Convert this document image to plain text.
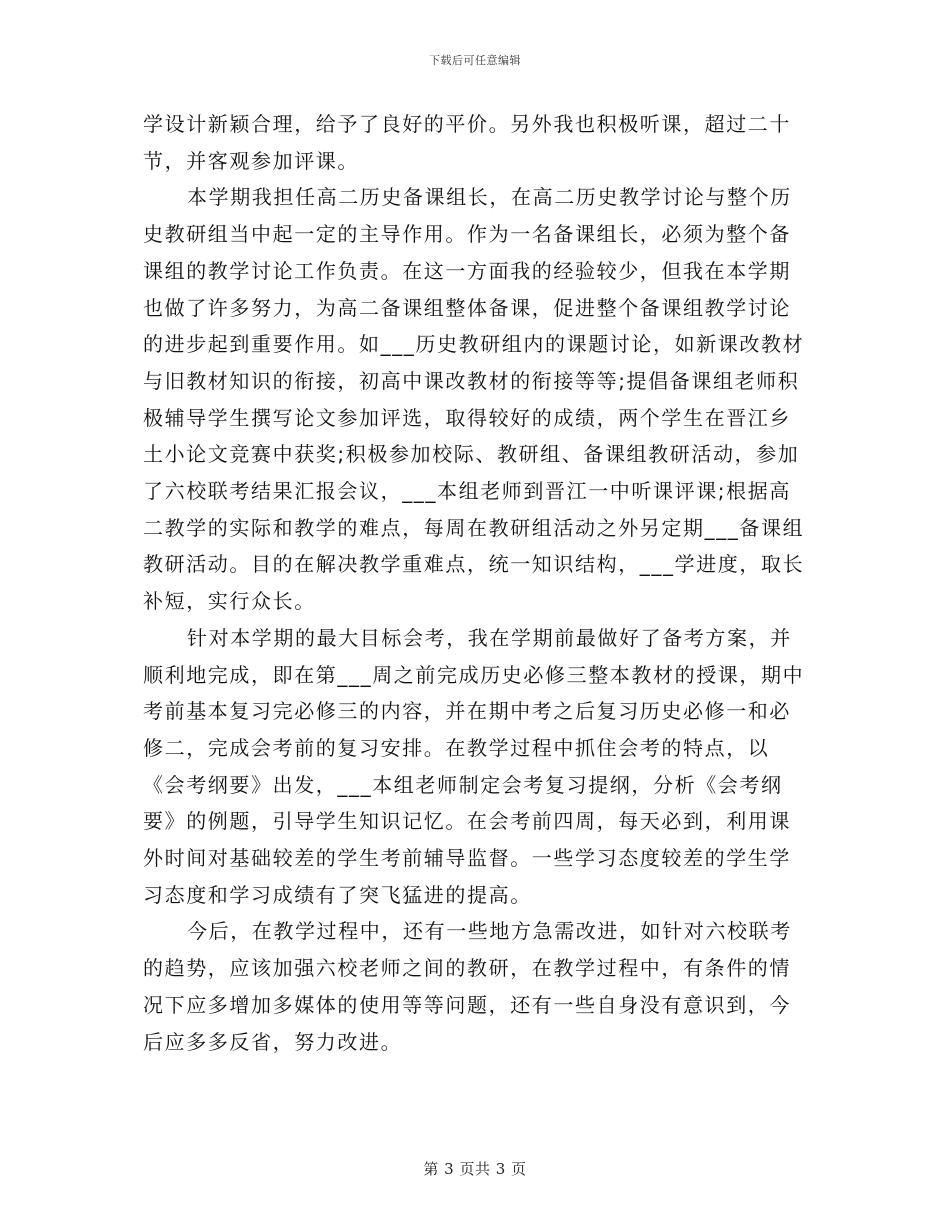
下载后可任意编辑

学设计新颖合理，给予了良好的平价。另外我也积极听课，超过二十节，并客观参加评课。

本学期我担任高二历史备课组长，在高二历史教学讨论与整个历史教研组当中起一定的主导作用。作为一名备课组长，必须为整个备课组的教学讨论工作负责。在这一方面我的经验较少，但我在本学期也做了许多努力，为高二备课组整体备课，促进整个备课组教学讨论的进步起到重要作用。如___历史教研组内的课题讨论，如新课改教材与旧教材知识的衔接，初高中课改教材的衔接等等;提倡备课组老师积极辅导学生撰写论文参加评选，取得较好的成绩，两个学生在晋江乡土小论文竞赛中获奖;积极参加校际、教研组、备课组教研活动，参加了六校联考结果汇报会议，___本组老师到晋江一中听课评课;根据高二教学的实际和教学的难点，每周在教研组活动之外另定期___备课组教研活动。目的在解决教学重难点，统一知识结构，___学进度，取长补短，实行众长。

针对本学期的最大目标会考，我在学期前最做好了备考方案，并顺利地完成，即在第___周之前完成历史必修三整本教材的授课，期中考前基本复习完必修三的内容，并在期中考之后复习历史必修一和必修二，完成会考前的复习安排。在教学过程中抓住会考的特点，以《会考纲要》出发，___本组老师制定会考复习提纲，分析《会考纲要》的例题，引导学生知识记忆。在会考前四周，每天必到，利用课外时间对基础较差的学生考前辅导监督。一些学习态度较差的学生学习态度和学习成绩有了突飞猛进的提高。

今后，在教学过程中，还有一些地方急需改进，如针对六校联考的趋势，应该加强六校老师之间的教研，在教学过程中，有条件的情况下应多增加多媒体的使用等等问题，还有一些自身没有意识到，今后应多多反省，努力改进。

第 3 页共 3 页
